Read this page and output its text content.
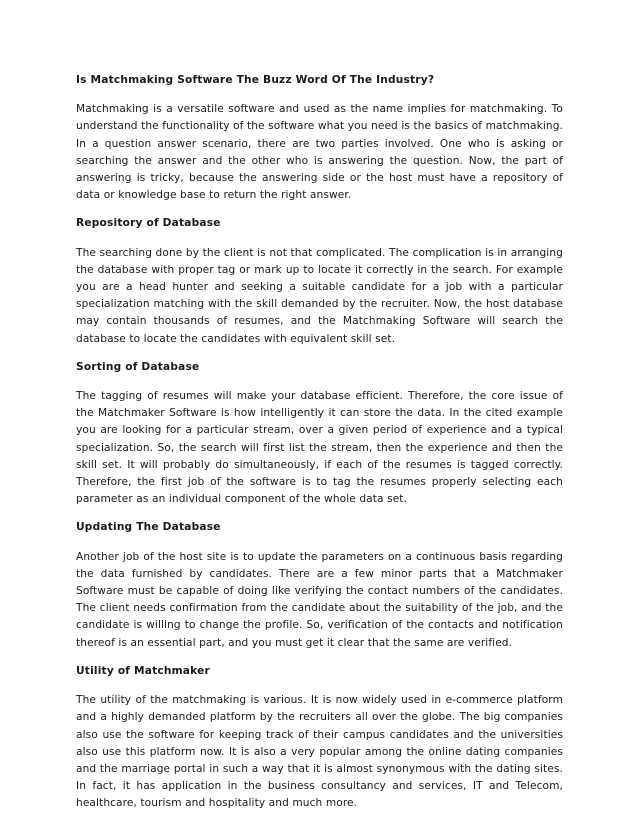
Is Matchmaking Software The Buzz Word Of The Industry?

Matchmaking is a versatile software and used as the name implies for matchmaking. To understand the functionality of the software what you need is the basics of matchmaking. In a question answer scenario, there are two parties involved. One who is asking or searching the answer and the other who is answering the question. Now, the part of answering is tricky, because the answering side or the host must have a repository of data or knowledge base to return the right answer.

Repository of Database

The searching done by the client is not that complicated. The complication is in arranging the database with proper tag or mark up to locate it correctly in the search. For example you are a head hunter and seeking a suitable candidate for a job with a particular specialization matching with the skill demanded by the recruiter. Now, the host database may contain thousands of resumes, and the Matchmaking Software will search the database to locate the candidates with equivalent skill set.

Sorting of Database

The tagging of resumes will make your database efficient. Therefore, the core issue of the Matchmaker Software is how intelligently it can store the data. In the cited example you are looking for a particular stream, over a given period of experience and a typical specialization. So, the search will first list the stream, then the experience and then the skill set. It will probably do simultaneously, if each of the resumes is tagged correctly. Therefore, the first job of the software is to tag the resumes properly selecting each parameter as an individual component of the whole data set.

Updating The Database

Another job of the host site is to update the parameters on a continuous basis regarding the data furnished by candidates. There are a few minor parts that a Matchmaker Software must be capable of doing like verifying the contact numbers of the candidates. The client needs confirmation from the candidate about the suitability of the job, and the candidate is willing to change the profile. So, verification of the contacts and notification thereof is an essential part, and you must get it clear that the same are verified.

Utility of Matchmaker

The utility of the matchmaking is various. It is now widely used in e-commerce platform and a highly demanded platform by the recruiters all over the globe. The big companies also use the software for keeping track of their campus candidates and the universities also use this platform now. It is also a very popular among the online dating companies and the marriage portal in such a way that it is almost synonymous with the dating sites. In fact, it has application in the business consultancy and services, IT and Telecom, healthcare, tourism and hospitality and much more.
